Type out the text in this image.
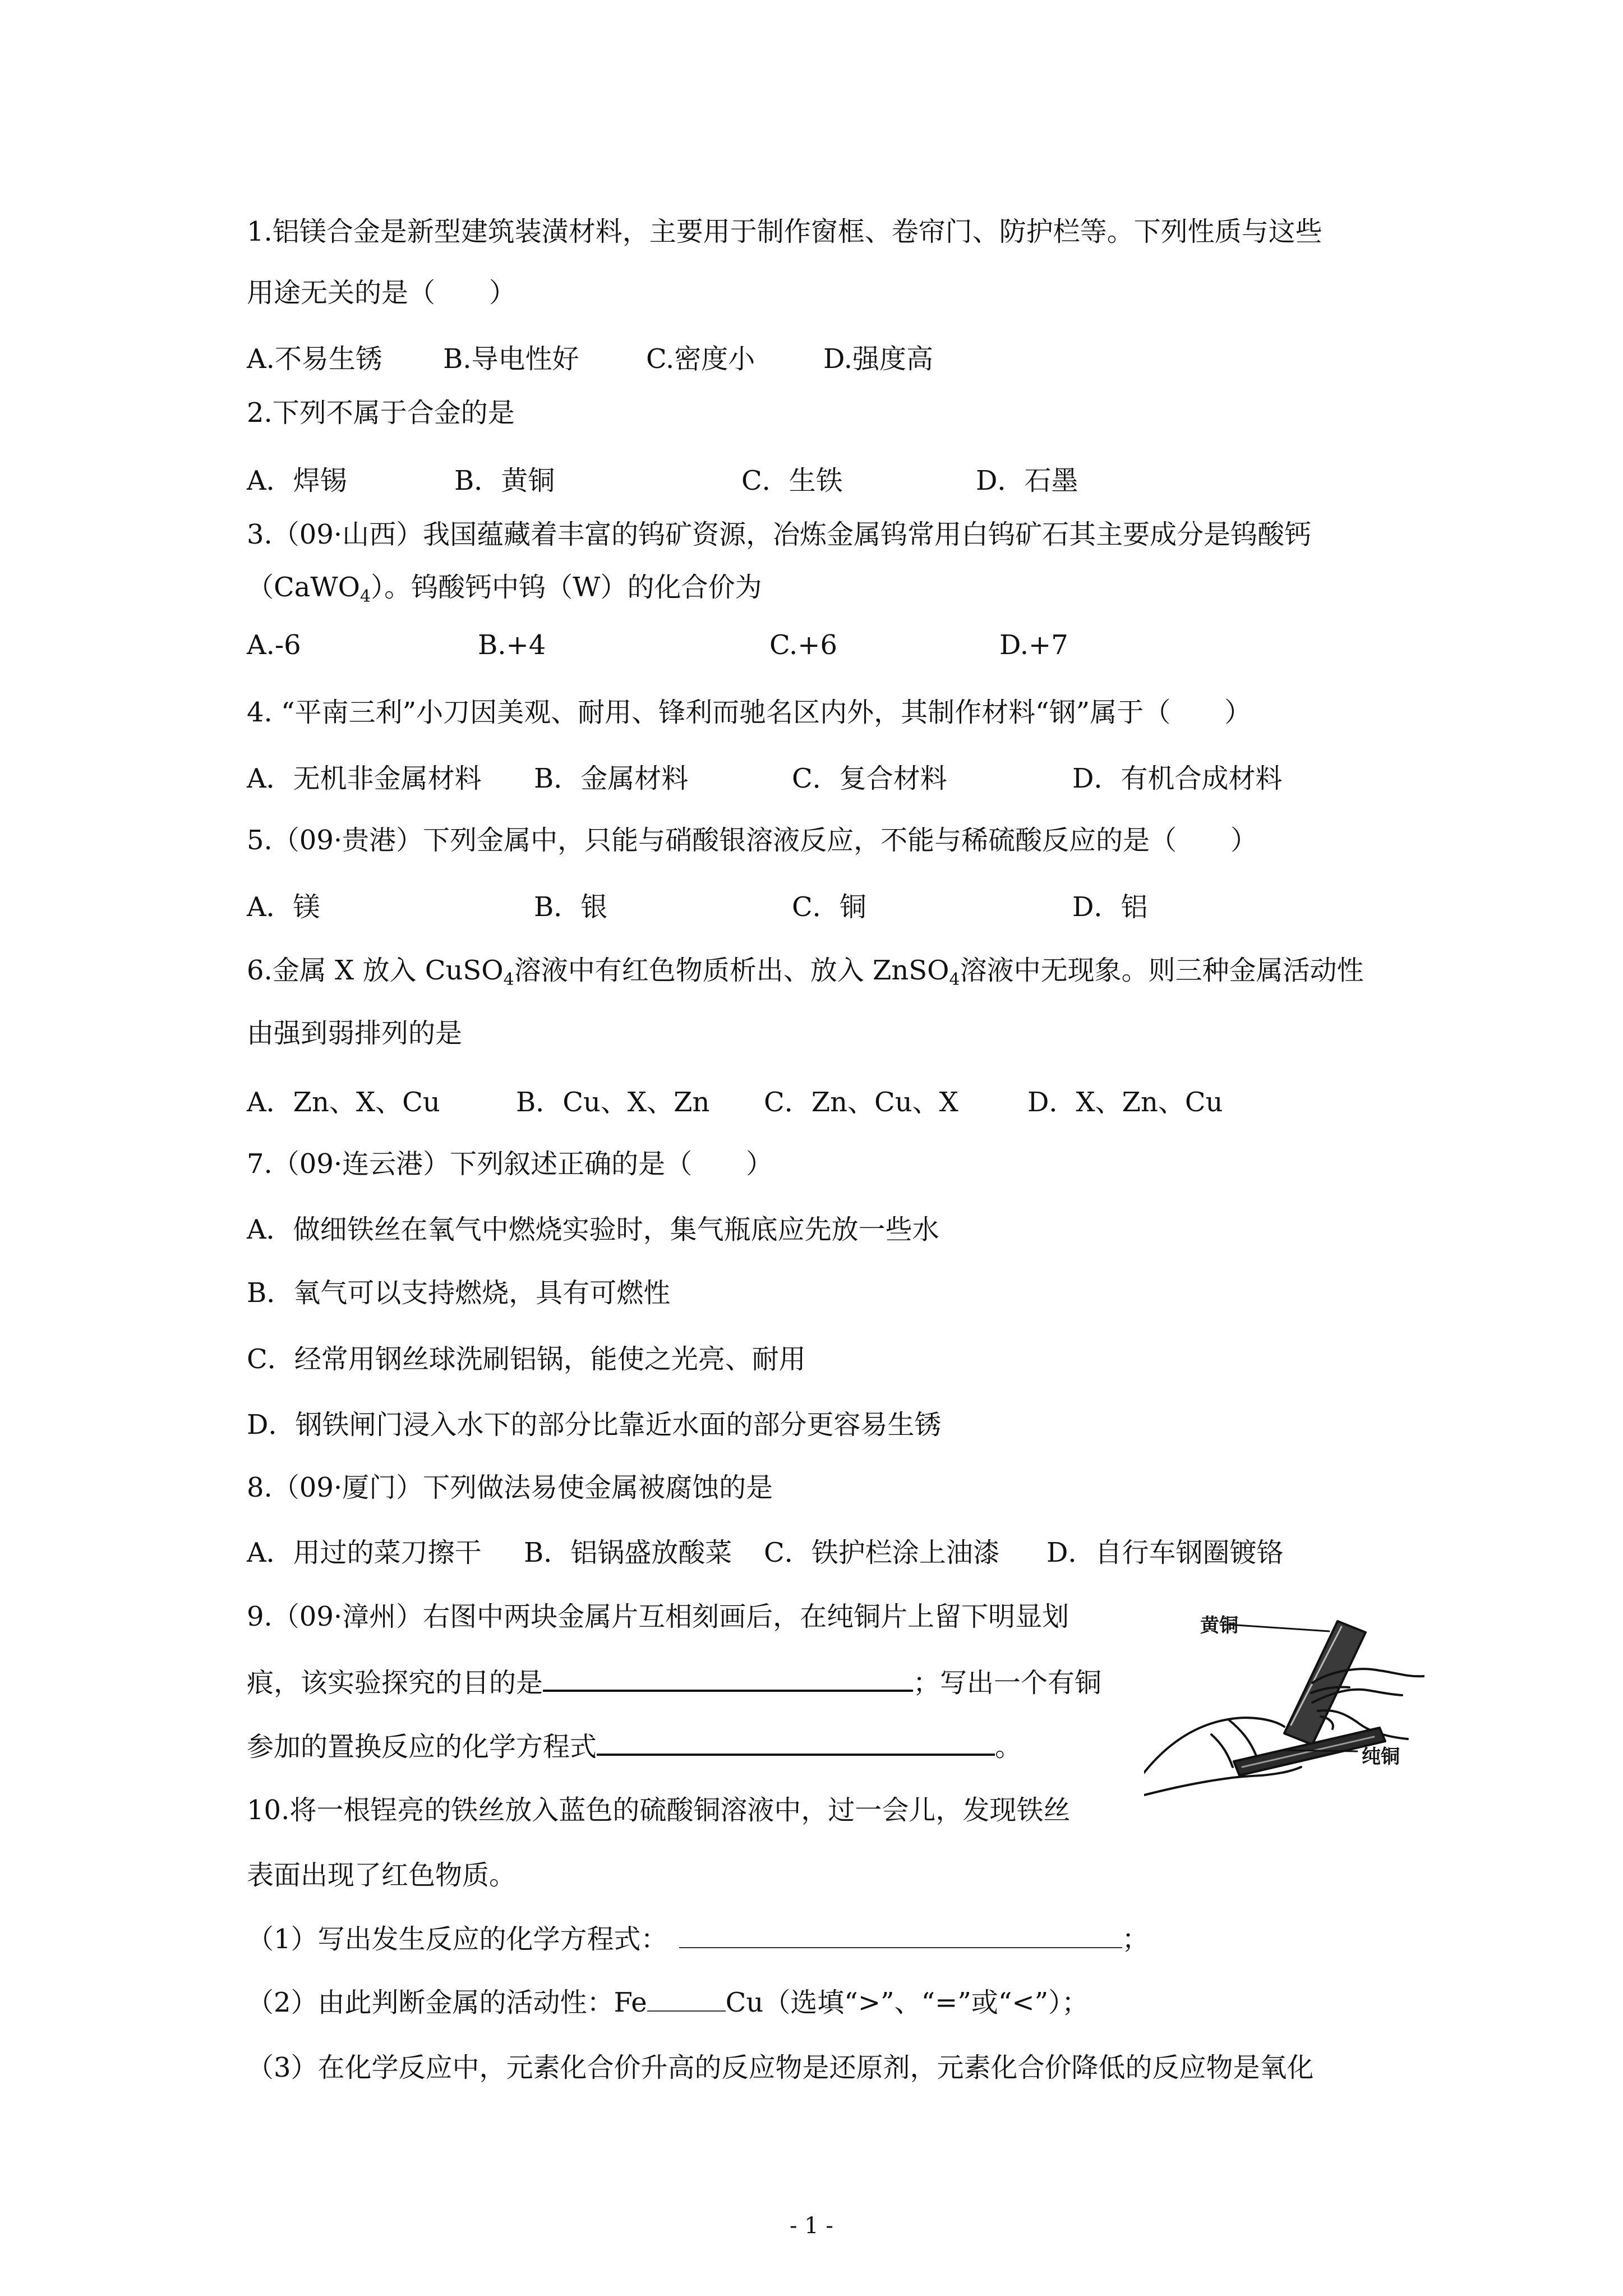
1.铝镁合金是新型建筑装潢材料，主要用于制作窗框、卷帘门、防护栏等。下列性质与这些
用途无关的是（　　）

A.不易生锈

B.导电性好

C.密度小

	D.强度高

2.下列不属于合金的是

A．焊锡

	B．黄铜

	C．生铁

	D．石墨

3.（09·山西）我国蕴藏着丰富的钨矿资源，冶炼金属钨常用白钨矿石其主要成分是钨酸钙
（CaWO$_4$）。钨酸钙中钨（W）的化合价为

A.-6

	B.+4

	C.+6

	D.+7

4. “平南三利”小刀因美观、耐用、锋利而驰名区内外，其制作材料“钢”属于（　　）

A．无机非金属材料

B．金属材料

	C．复合材料

	D．有机合成材料

5.（09·贵港）下列金属中，只能与硝酸银溶液反应，不能与稀硫酸反应的是（　　）

A．镁

	B．银

	C．铜

	D．铝

6.金属 X 放入 CuSO$_4$溶液中有红色物质析出、放入 ZnSO$_4$溶液中无现象。则三种金属活动性
由强到弱排列的是

A．Zn、X、Cu

	B．Cu、X、Zn

C．Zn、Cu、X

	D．X、Zn、Cu

7.（09·连云港）下列叙述正确的是（　　）
A．做细铁丝在氧气中燃烧实验时，集气瓶底应先放一些水
B．氧气可以支持燃烧，具有可燃性
C．经常用钢丝球洗刷铝锅，能使之光亮、耐用
D．钢铁闸门浸入水下的部分比靠近水面的部分更容易生锈
8.（09·厦门）下列做法易使金属被腐蚀的是

A．用过的菜刀擦干

B．铝锅盛放酸菜

C．铁护栏涂上油漆

D．自行车钢圈镀铬

9.（09·漳州）右图中两块金属片互相刻画后，在纯铜片上留下明显划
痕，该实验探究的目的是	；写出一个有铜
参加的置换反应的化学方程式	。
黄铜
纯铜
10.将一根锃亮的铁丝放入蓝色的硫酸铜溶液中，过一会儿，发现铁丝
表面出现了红色物质。
（1）写出发生反应的化学方程式：	；
（2）由此判断金属的活动性：Fe	Cu（选填“>”、“=”或“<”）；
（3）在化学反应中，元素化合价升高的反应物是还原剂，元素化合价降低的反应物是氧化
- 1 -
